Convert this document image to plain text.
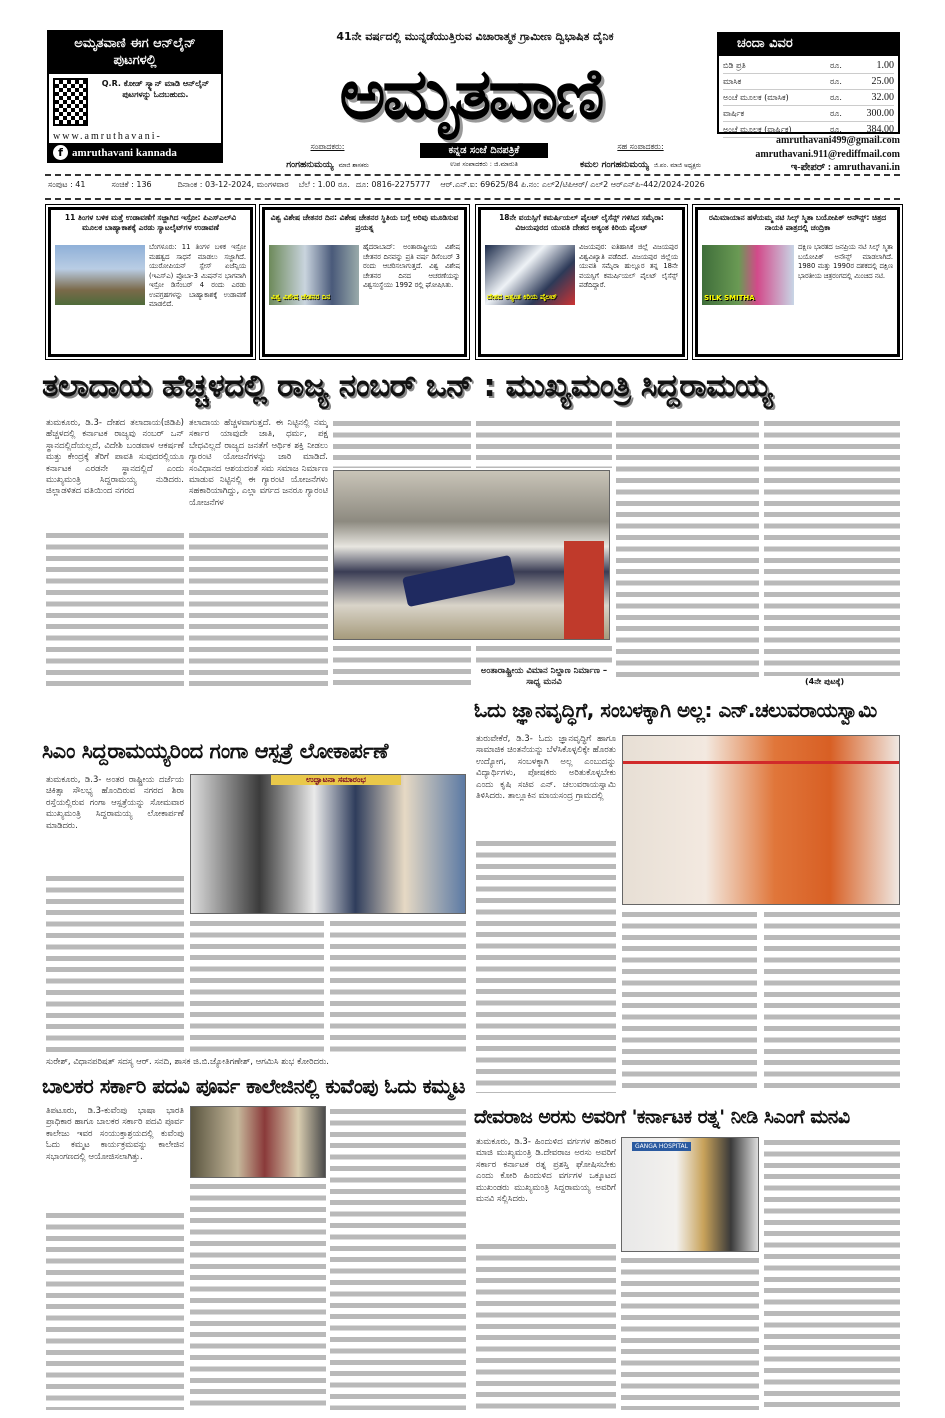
ಅಮೃತವಾಣಿ ಈಗ ಆನ್‌ಲೈನ್ ಪುಟಗಳಲ್ಲಿ
Q.R. ಕೋಡ್ ಸ್ಕ್ಯಾನ್ ಮಾಡಿ ಆನ್‌ಲೈನ್ ಪುಟಗಳನ್ನು ಓದಬಹುದು.
www.amruthavani-
f amruthavani kannada
41ನೇ ವರ್ಷದಲ್ಲಿ ಮುನ್ನಡೆಯುತ್ತಿರುವ ವಿಚಾರಾತ್ಮಕ ಗ್ರಾಮೀಣ ದ್ವಿಭಾಷಿತ ದೈನಿಕ
ಅಮೃತವಾಣಿ
ಕನ್ನಡ ಸಂಜೆ ದಿನಪತ್ರಿಕೆ
ಉಪ ಸಂಪಾದಕರು : ಜಿ.ಮಾರುತಿ
ಸಂಪಾದಕರು:
ಗಂಗಹನುಮಯ್ಯ ಮಾಜಿ ಶಾಸಕರು
ಸಹ ಸಂಪಾದಕರು:
ಕಮಲ ಗಂಗಹನುಮಯ್ಯ ಜಿ.ಪಂ. ಮಾಜಿ ಅಧ್ಯಕ್ಷರು
ಚಂದಾ ವಿವರ
ಬಿಡಿ ಪ್ರತಿ	ರೂ.	1.00
ಮಾಸಿಕ	ರೂ.	25.00
ಅಂಚೆ ಮೂಲಕ (ಮಾಸಿಕ)	ರೂ.	32.00
ವಾರ್ಷಿಕ	ರೂ.	300.00
ಅಂಚೆ ಮೂಲಕ (ವಾರ್ಷಿಕ)	ರೂ.	384.00
amruthavani499@gmail.com
amruthavani.911@rediffmail.com
ಇ-ಪೇಪರ್ : amruthavani.in
ಸಂಪುಟ : 41	ಸಂಚಿಕೆ : 136	ದಿನಾಂಕ : 03-12-2024, ಮಂಗಳವಾರ ಬೆಲೆ : 1.00 ರೂ. ದೂ: 0816-2275777 ಆರ್.ಎನ್.ಐ: 69625/84 ಪಿ.ನಂ: ಎಲ್2/ಟಿಪಿಆರ್/ ಎಲ್2 ಆರ್‌ಎನ್‌ಪಿ-442/2024-2026
11 ತಿಂಗಳ ಬಳಿಕ ಮತ್ತೆ ಉಡಾವಣೆಗೆ ಸಜ್ಜಾಗಿದ ಇಸ್ರೋ: ಪಿಎಸ್‌ಎಲ್‌ವಿ ಮೂಲಕ ಬಾಹ್ಯಾಕಾಶಕ್ಕೆ ಎರಡು ಸ್ಯಾಟಲೈಟ್‌ಗಳ ಉಡಾವಣೆ
ಬೆಂಗಳೂರು: 11 ತಿಂಗಳ ಬಳಿಕ ಇಸ್ರೋ ಮಹತ್ವದ ಸಾಧನೆ ಮಾಡಲು ಸಜ್ಜಾಗಿದೆ. ಯುರೋಪಿಯನ್ ಸ್ಪೇಸ್ ಏಜೆನ್ಸಿಯ (ಇಎಸ್‌ಎ) ಪ್ರೊಬಾ-3 ಮಿಷನ್‌ನ ಭಾಗವಾಗಿ ಇಸ್ರೋ ಡಿಸೆಂಬರ್ 4 ರಂದು ಎರಡು ಉಪಗ್ರಹಗಳನ್ನು ಬಾಹ್ಯಾಕಾಶಕ್ಕೆ ಉಡಾವಣೆ ಮಾಡಲಿದೆ.
ವಿಶ್ವ ವಿಶೇಷ ಚೇತನರ ದಿನ: ವಿಶೇಷ ಚೇತನರ ಸ್ಥಿತಿಯ ಬಗ್ಗೆ ಅರಿವು ಮೂಡಿಸುವ ಪ್ರಯತ್ನ
ವಿಶ್ವ ವಿಶೇಷ ಚೇತನರ ದಿನ
ಹೈದರಾಬಾದ್: ಅಂತಾರಾಷ್ಟ್ರೀಯ ವಿಶೇಷ ಚೇತನರ ದಿನವನ್ನು ಪ್ರತಿ ವರ್ಷ ಡಿಸೆಂಬರ್ 3 ರಂದು ಆಚರಿಸಲಾಗುತ್ತದೆ. ವಿಶ್ವ ವಿಶೇಷ ಚೇತನರ ದಿನದ ಆಚರಣೆಯನ್ನು ವಿಶ್ವಸಂಸ್ಥೆಯು 1992 ರಲ್ಲಿ ಘೋಷಿಸಿತು.
18ನೇ ವಯಸ್ಸಿಗೆ ಕಮರ್ಷಿಯಲ್ ಪೈಲಟ್ ಲೈಸೆನ್ಸ್ ಗಳಿಸಿದ ಸಮೈರಾ: ವಿಜಯಪುರದ ಯುವತಿ ದೇಶದ ಅತ್ಯಂತ ಕಿರಿಯ ಪೈಲಟ್
ದೇಶದ ಅತ್ಯಂತ ಕಿರಿಯ ಪೈಲಟ್
ವಿಜಯಪುರ: ಐತಿಹಾಸಿಕ ಜಿಲ್ಲೆ ವಿಜಯಪುರ ವಿಶ್ವವಿಖ್ಯಾತಿ ಪಡೆದಿದೆ. ವಿಜಯಪುರ ಜಿಲ್ಲೆಯ ಯುವತಿ ಸಮೈರಾ ಹುಲ್ಲೂರ ತನ್ನ 18ನೇ ವಯಸ್ಸಿಗೆ ಕಮರ್ಷಿಯಲ್ ಪೈಲಟ್ ಲೈಸೆನ್ಸ್ ಪಡೆದಿದ್ದಾರೆ.
ರಮಿಮಾಯಾನ ಹಳೆಯಮ್ಮ ನಟಿ ಸಿಲ್ಕ್ ಸ್ಮಿತಾ ಬಯೋಪಿಕ್ ಅನೌನ್ಸ್: ಚಿತ್ರದ ನಾಯಕಿ ಪಾತ್ರದಲ್ಲಿ ಚಂದ್ರಿಕಾ
SILK SMITHA
ದಕ್ಷಿಣ ಭಾರತದ ಜನಪ್ರಿಯ ನಟಿ ಸಿಲ್ಕ್ ಸ್ಮಿತಾ ಬಯೋಪಿಕ್ ಅನೌನ್ಸ್ ಮಾಡಲಾಗಿದೆ. 1980 ಮತ್ತು 1990ರ ದಶಕದಲ್ಲಿ ದಕ್ಷಿಣ ಭಾರತೀಯ ಚಿತ್ರರಂಗದಲ್ಲಿ ಮಿಂಚಿದ ನಟಿ.
ತಲಾದಾಯ ಹೆಚ್ಚಳದಲ್ಲಿ ರಾಜ್ಯ ನಂಬರ್ ಒನ್ : ಮುಖ್ಯಮಂತ್ರಿ ಸಿದ್ದರಾಮಯ್ಯ
ತುಮಕೂರು, ಡಿ.3- ದೇಶದ ತಲಾದಾಯ(ಜಿಡಿಪಿ) ಹೆಚ್ಚಳದಲ್ಲಿ ಕರ್ನಾಟಕ ರಾಜ್ಯವು ನಂಬರ್ ಒನ್ ಸ್ಥಾನದಲ್ಲಿದೆಯಲ್ಲದೆ, ವಿದೇಶಿ ಬಂಡವಾಳ ಆಕರ್ಷಣೆ ಮತ್ತು ಕೇಂದ್ರಕ್ಕೆ ತೆರಿಗೆ ಪಾವತಿ ಸುವುದರಲ್ಲಿಯೂ ಕರ್ನಾಟಕ ಎರಡನೇ ಸ್ಥಾನದಲ್ಲಿದೆ ಎಂದು ಮುಖ್ಯಮಂತ್ರಿ ಸಿದ್ದರಾಮಯ್ಯ ನುಡಿದರು. ಜಿಲ್ಲಾಡಳಿತದ ವತಿಯಿಂದ ನಗರದ
ತಲಾದಾಯ ಹೆಚ್ಚಳವಾಗುತ್ತದೆ. ಈ ನಿಟ್ಟಿನಲ್ಲಿ ನಮ್ಮ ಸರ್ಕಾರ ಯಾವುದೇ ಜಾತಿ, ಧರ್ಮ, ಪಕ್ಷ ಬೇಧವಿಲ್ಲದೆ ರಾಜ್ಯದ ಜನತೆಗೆ ಆರ್ಥಿಕ ಶಕ್ತಿ ನೀಡಲು ಗ್ಯಾರಂಟಿ ಯೋಜನೆಗಳನ್ನು ಜಾರಿ ಮಾಡಿದೆ. ಸಂವಿಧಾನದ ಆಶಯದಂತೆ ಸಮ ಸಮಾಜ ನಿರ್ಮಾಣ ಮಾಡುವ ನಿಟ್ಟಿನಲ್ಲಿ ಈ ಗ್ಯಾರಂಟಿ ಯೋಜನೆಗಳು ಸಹಕಾರಿಯಾಗಿದ್ದು, ಎಲ್ಲಾ ವರ್ಗದ ಜನರೂ ಗ್ಯಾರಂಟಿ ಯೋಜನೆಗಳ
ಅಂತಾರಾಷ್ಟ್ರೀಯ ವಿಮಾನ ನಿಲ್ದಾಣ ನಿರ್ಮಾಣ – ಸಾಧ್ಯ ಮನವಿ	(4ನೇ ಪುಟಕ್ಕೆ)
ಓದು ಜ್ಞಾನವೃದ್ಧಿಗೆ, ಸಂಬಳಕ್ಕಾಗಿ ಅಲ್ಲ: ಎನ್.ಚಲುವರಾಯಸ್ವಾಮಿ
ತುರುವೇಕೆರೆ, ಡಿ.3- ಓದು ಜ್ಞಾನವೃದ್ಧಿಗೆ ಹಾಗೂ ಸಾಮಾಜಿಕ ಚಿಂತನೆಯನ್ನು ಬೆಳೆಸಿಕೊಳ್ಳಲಿಕ್ಕೇ ಹೊರತು ಉದ್ಯೋಗ, ಸಂಬಳಕ್ಕಾಗಿ ಅಲ್ಲ ಎಂಬುದನ್ನು ವಿದ್ಯಾರ್ಥಿಗಳು, ಪೋಷಕರು ಅರಿತುಕೊಳ್ಳಬೇಕು ಎಂದು ಕೃಷಿ ಸಚಿವ ಎನ್. ಚಲುವರಾಯಸ್ವಾಮಿ ತಿಳಿಸಿದರು. ತಾಲ್ಲೂಕಿನ ಮಾಯಸಂದ್ರ ಗ್ರಾಮದಲ್ಲಿ
ಸಿಎಂ ಸಿದ್ದರಾಮಯ್ಯರಿಂದ ಗಂಗಾ ಆಸ್ಪತ್ರೆ ಲೋಕಾರ್ಪಣೆ
ತುಮಕೂರು, ಡಿ.3- ಅಂತರ ರಾಷ್ಟ್ರೀಯ ದರ್ಜೆಯ ಚಿಕಿತ್ಸಾ ಸೌಲಭ್ಯ ಹೊಂದಿರುವ ನಗರದ ಶಿರಾ ರಸ್ತೆಯಲ್ಲಿರುವ ಗಂಗಾ ಆಸ್ಪತ್ರೆಯನ್ನು ಸೋಮವಾರ ಮುಖ್ಯಮಂತ್ರಿ ಸಿದ್ದರಾಮಯ್ಯ ಲೋಕಾರ್ಪಣೆ ಮಾಡಿದರು.
ಉದ್ಘಾಟನಾ ಸಮಾರಂಭ
ಸುರೇಶ್, ವಿಧಾನಪರಿಷತ್ ಸದಸ್ಯ ಆರ್. ಸನದಿ, ಶಾಸಕ ಜಿ.ಬಿ.ಜ್ಯೋತಿಗಣೇಶ್, ಆಗಮಿಸಿ ಶುಭ ಕೋರಿದರು.
ಬಾಲಕರ ಸರ್ಕಾರಿ ಪದವಿ ಪೂರ್ವ ಕಾಲೇಜಿನಲ್ಲಿ ಕುವೆಂಪು ಓದು ಕಮ್ಮಟ
ತಿಪಟೂರು, ಡಿ.3-ಕುವೆಂಪು ಭಾಷಾ ಭಾರತಿ ಪ್ರಾಧಿಕಾರ ಹಾಗೂ ಬಾಲಕರ ಸರ್ಕಾರಿ ಪದವಿ ಪೂರ್ವ ಕಾಲೇಜು ಇವರ ಸಂಯುಕ್ತಾಶ್ರಯದಲ್ಲಿ ಕುವೆಂಪು ಓದು ಕಮ್ಮಟ ಕಾರ್ಯಕ್ರಮವನ್ನು ಕಾಲೇಜಿನ ಸಭಾಂಗಣದಲ್ಲಿ ಆಯೋಜಿಸಲಾಗಿತ್ತು.
ದೇವರಾಜ ಅರಸು ಅವರಿಗೆ 'ಕರ್ನಾಟಕ ರತ್ನ' ನೀಡಿ ಸಿಎಂಗೆ ಮನವಿ
ತುಮಕೂರು, ಡಿ.3- ಹಿಂದುಳಿದ ವರ್ಗಗಳ ಹರಿಕಾರ ಮಾಜಿ ಮುಖ್ಯಮಂತ್ರಿ ಡಿ.ದೇವರಾಜ ಅರಸು ಅವರಿಗೆ ಸರ್ಕಾರ ಕರ್ನಾಟಕ ರತ್ನ ಪ್ರಶಸ್ತಿ ಘೋಷಿಸಬೇಕು ಎಂದು ಕೋರಿ ಹಿಂದುಳಿದ ವರ್ಗಗಳ ಒಕ್ಕೂಟದ ಮುಖಂಡರು ಮುಖ್ಯಮಂತ್ರಿ ಸಿದ್ದರಾಮಯ್ಯ ಅವರಿಗೆ ಮನವಿ ಸಲ್ಲಿಸಿದರು.
GANGA HOSPITAL
